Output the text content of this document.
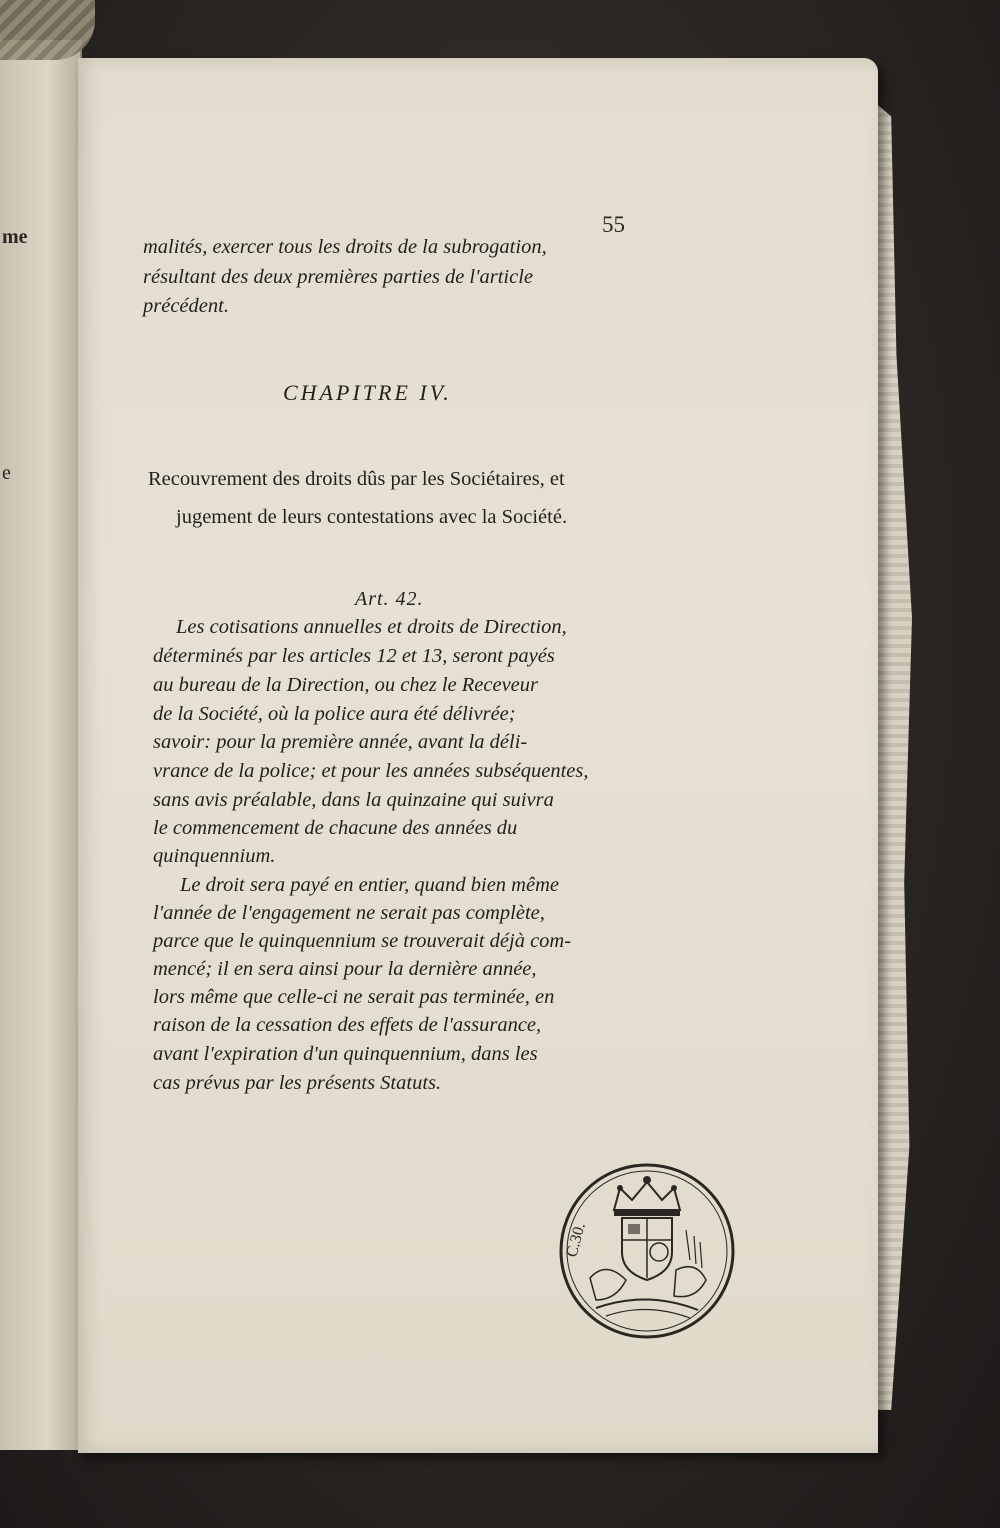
me
e
55
malités, exercer tous les droits de la subrogation,
résultant des deux premières parties de l'article
précédent.
CHAPITRE IV.
Recouvrement des droits dûs par les Sociétaires, et
jugement de leurs contestations avec la Société.
Art. 42.
Les cotisations annuelles et droits de Direction,
déterminés par les articles 12 et 13, seront payés
au bureau de la Direction, ou chez le Receveur
de la Société, où la police aura été délivrée;
savoir: pour la première année, avant la déli-
vrance de la police; et pour les années subséquentes,
sans avis préalable, dans la quinzaine qui suivra
le commencement de chacune des années du
quinquennium.
Le droit sera payé en entier, quand bien même
l'année de l'engagement ne serait pas complète,
parce que le quinquennium se trouverait déjà com-
mencé; il en sera ainsi pour la dernière année,
lors même que celle-ci ne serait pas terminée, en
raison de la cessation des effets de l'assurance,
avant l'expiration d'un quinquennium, dans les
cas prévus par les présents Statuts.
C.30.
